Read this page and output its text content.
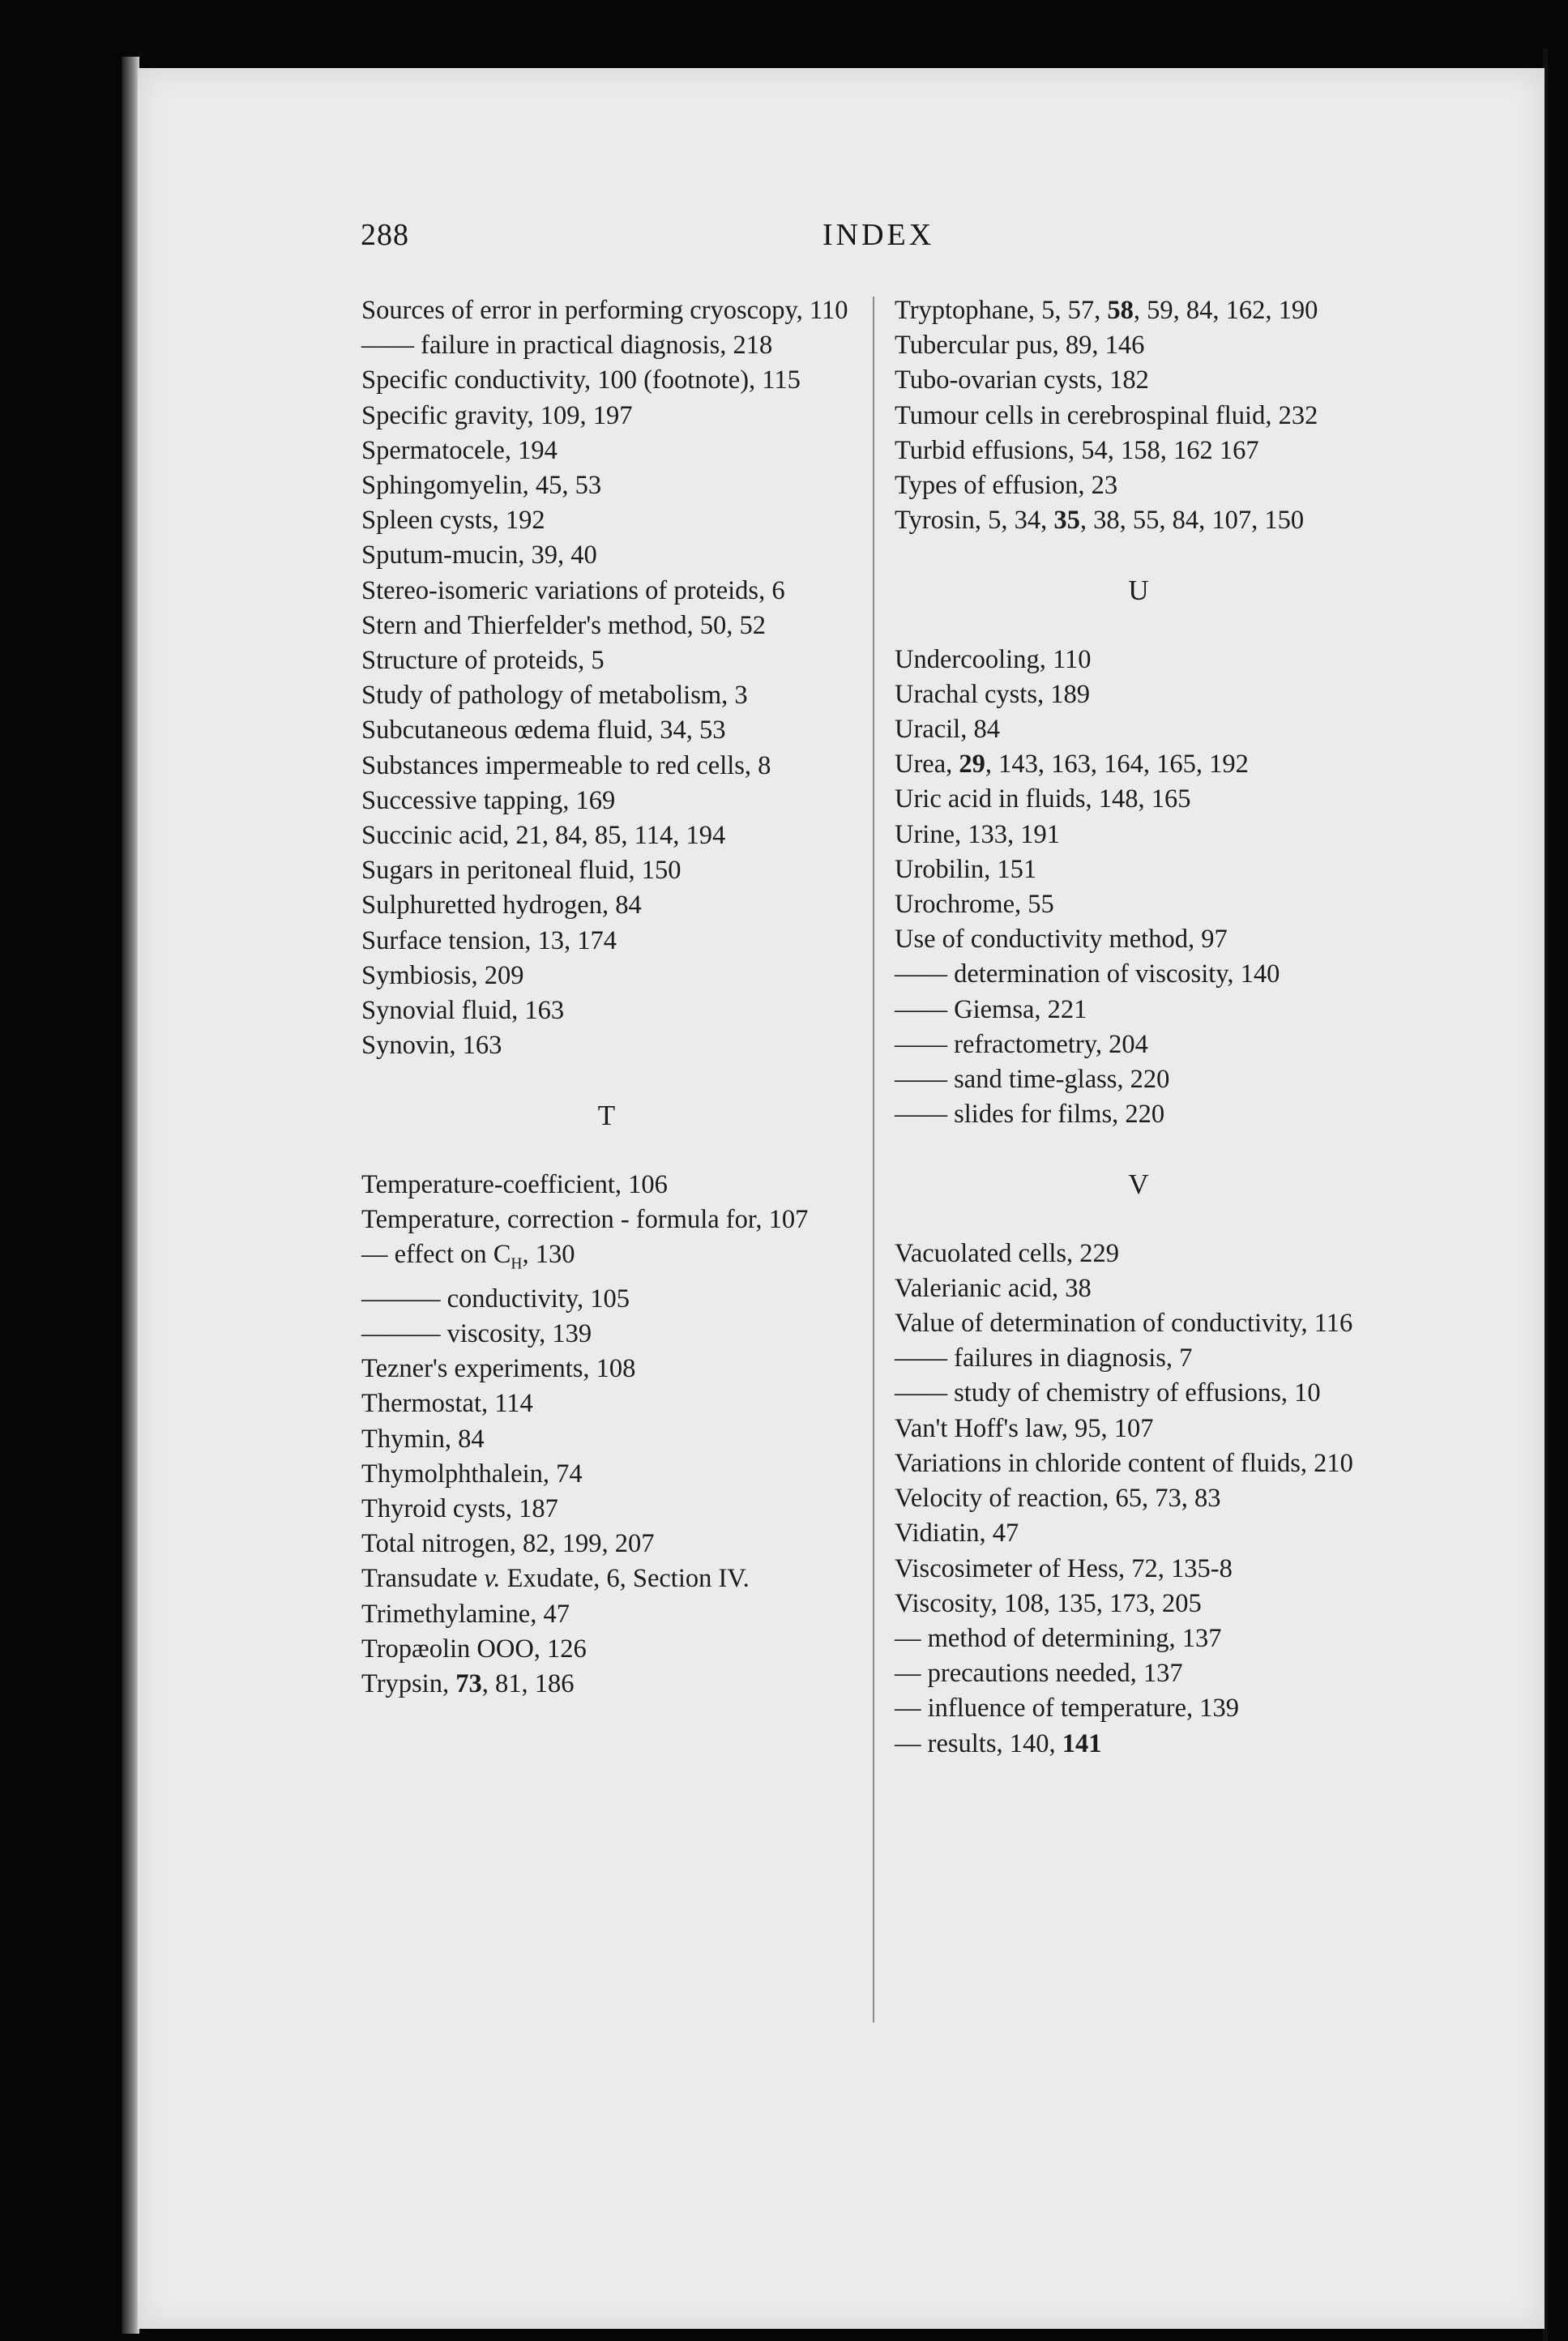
288	INDEX
Sources of error in performing cryoscopy, 110
—— failure in practical diagnosis, 218
Specific conductivity, 100 (footnote), 115
Specific gravity, 109, 197
Spermatocele, 194
Sphingomyelin, 45, 53
Spleen cysts, 192
Sputum-mucin, 39, 40
Stereo-isomeric variations of proteids, 6
Stern and Thierfelder's method, 50, 52
Structure of proteids, 5
Study of pathology of metabolism, 3
Subcutaneous œdema fluid, 34, 53
Substances impermeable to red cells, 8
Successive tapping, 169
Succinic acid, 21, 84, 85, 114, 194
Sugars in peritoneal fluid, 150
Sulphuretted hydrogen, 84
Surface tension, 13, 174
Symbiosis, 209
Synovial fluid, 163
Synovin, 163
T
Temperature-coefficient, 106
Temperature, correction - formula for, 107
— effect on $C_H$, 130
——— conductivity, 105
——— viscosity, 139
Tezner's experiments, 108
Thermostat, 114
Thymin, 84
Thymolphthalein, 74
Thyroid cysts, 187
Total nitrogen, 82, 199, 207
Transudate v. Exudate, 6, Section IV.
Trimethylamine, 47
Tropæolin OOO, 126
Trypsin, 73, 81, 186
Tryptophane, 5, 57, 58, 59, 84, 162, 190
Tubercular pus, 89, 146
Tubo-ovarian cysts, 182
Tumour cells in cerebrospinal fluid, 232
Turbid effusions, 54, 158, 162 167
Types of effusion, 23
Tyrosin, 5, 34, 35, 38, 55, 84, 107, 150
U
Undercooling, 110
Urachal cysts, 189
Uracil, 84
Urea, 29, 143, 163, 164, 165, 192
Uric acid in fluids, 148, 165
Urine, 133, 191
Urobilin, 151
Urochrome, 55
Use of conductivity method, 97
—— determination of viscosity, 140
—— Giemsa, 221
—— refractometry, 204
—— sand time-glass, 220
—— slides for films, 220
V
Vacuolated cells, 229
Valerianic acid, 38
Value of determination of conductivity, 116
—— failures in diagnosis, 7
—— study of chemistry of effusions, 10
Van't Hoff's law, 95, 107
Variations in chloride content of fluids, 210
Velocity of reaction, 65, 73, 83
Vidiatin, 47
Viscosimeter of Hess, 72, 135-8
Viscosity, 108, 135, 173, 205
— method of determining, 137
— precautions needed, 137
— influence of temperature, 139
— results, 140, 141
